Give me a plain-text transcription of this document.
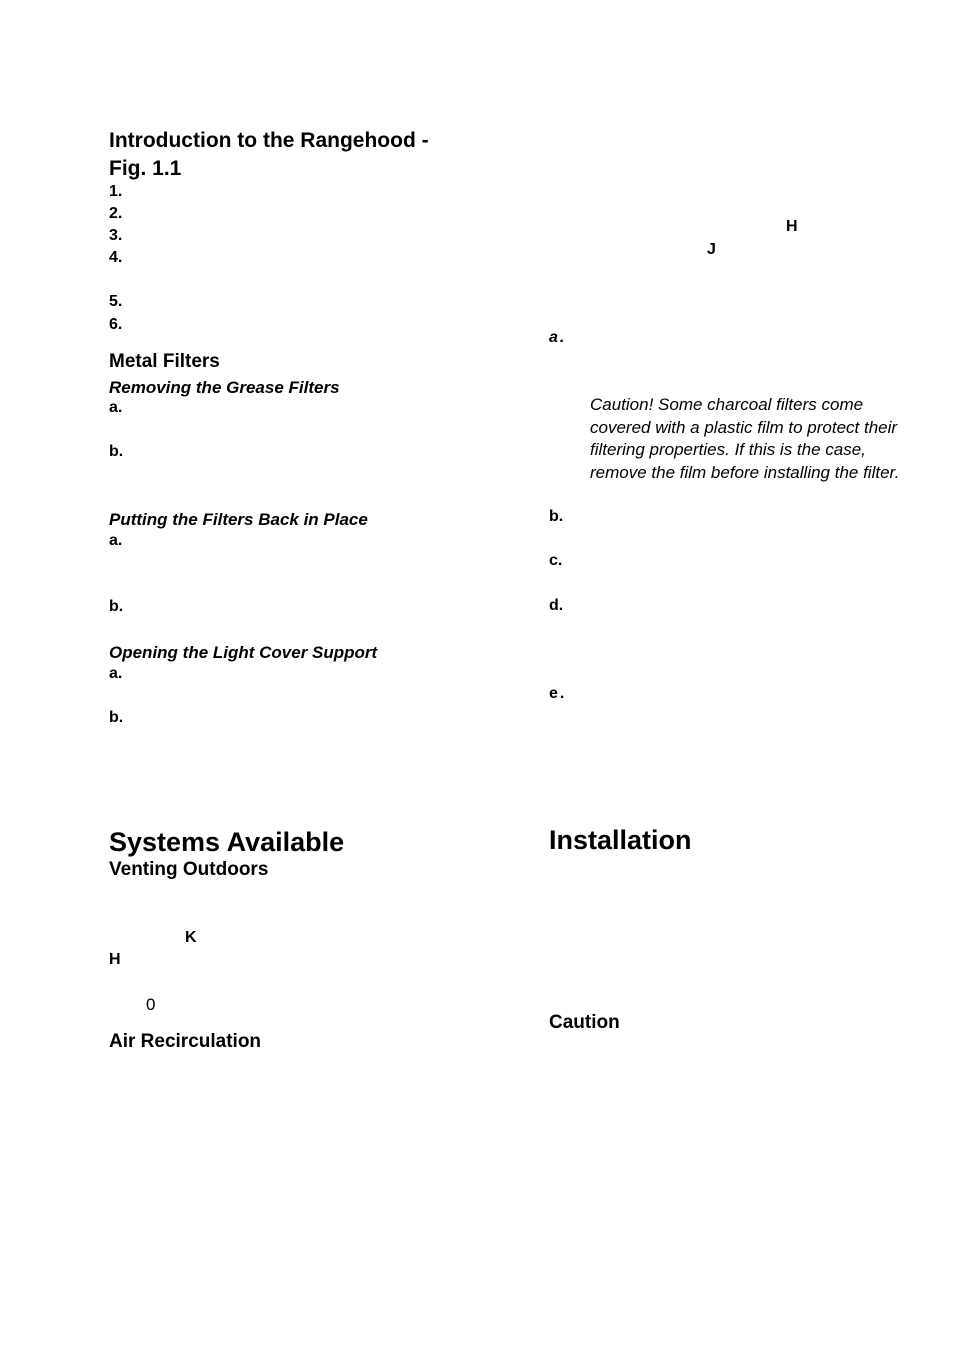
Introduction to the Rangehood -
Fig. 1.1
1.
2.
3.
4.
5.
6.
Metal Filters
Removing the Grease Filters
a.
b.
Putting the Filters Back in Place
a.
b.
Opening the Light Cover Support
a.
b.
Systems Available
Venting Outdoors
K
H
0
Air Recirculation
H
J
a.
Caution! Some charcoal filters come covered with a plastic film to protect their filtering properties. If this is the case, remove the film before installing the filter.
b.
c.
d.
e.
Installation
Caution
